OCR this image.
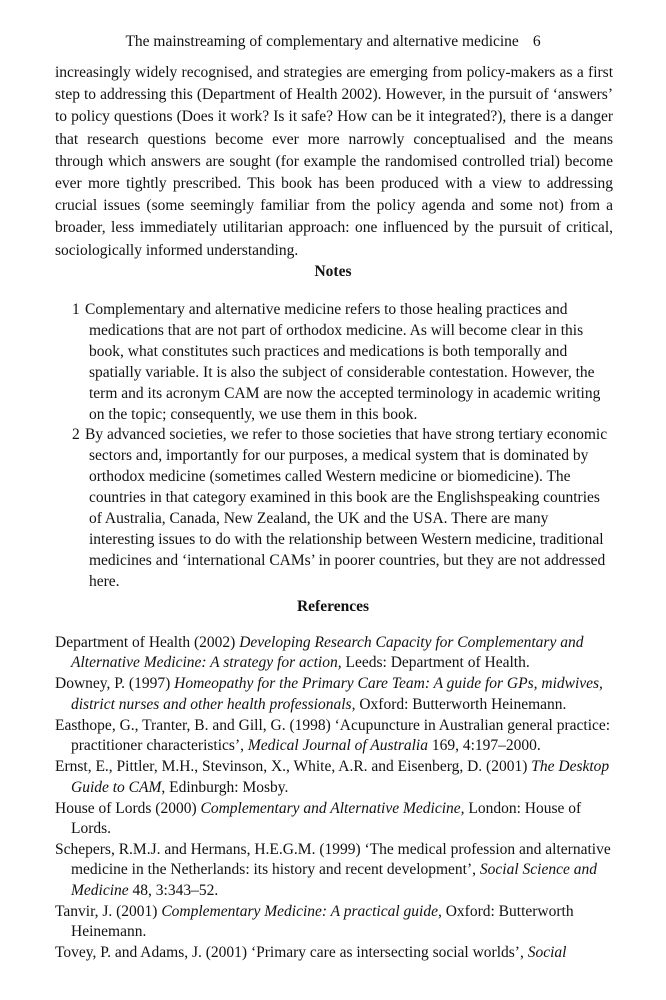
The mainstreaming of complementary and alternative medicine 6

increasingly widely recognised, and strategies are emerging from policy-makers as a first step to addressing this (Department of Health 2002). However, in the pursuit of ‘answers’ to policy questions (Does it work? Is it safe? How can be it integrated?), there is a danger that research questions become ever more narrowly conceptualised and the means through which answers are sought (for example the randomised controlled trial) become ever more tightly prescribed. This book has been produced with a view to addressing crucial issues (some seemingly familiar from the policy agenda and some not) from a broader, less immediately utilitarian approach: one influenced by the pursuit of critical, sociologically informed understanding.

Notes
1 Complementary and alternative medicine refers to those healing practices and medications that are not part of orthodox medicine. As will become clear in this book, what constitutes such practices and medications is both temporally and spatially variable. It is also the subject of considerable contestation. However, the term and its acronym CAM are now the accepted terminology in academic writing on the topic; consequently, we use them in this book.
2 By advanced societies, we refer to those societies that have strong tertiary economic sectors and, importantly for our purposes, a medical system that is dominated by orthodox medicine (sometimes called Western medicine or biomedicine). The countries in that category examined in this book are the Englishspeaking countries of Australia, Canada, New Zealand, the UK and the USA. There are many interesting issues to do with the relationship between Western medicine, traditional medicines and ‘international CAMs’ in poorer countries, but they are not addressed here.
References
Department of Health (2002) Developing Research Capacity for Complementary and Alternative Medicine: A strategy for action, Leeds: Department of Health.
Downey, P. (1997) Homeopathy for the Primary Care Team: A guide for GPs, midwives, district nurses and other health professionals, Oxford: Butterworth Heinemann.
Easthope, G., Tranter, B. and Gill, G. (1998) ‘Acupuncture in Australian general practice: practitioner characteristics’, Medical Journal of Australia 169, 4:197–2000.
Ernst, E., Pittler, M.H., Stevinson, X., White, A.R. and Eisenberg, D. (2001) The Desktop Guide to CAM, Edinburgh: Mosby.
House of Lords (2000) Complementary and Alternative Medicine, London: House of Lords.
Schepers, R.M.J. and Hermans, H.E.G.M. (1999) ‘The medical profession and alternative medicine in the Netherlands: its history and recent development’, Social Science and Medicine 48, 3:343–52.
Tanvir, J. (2001) Complementary Medicine: A practical guide, Oxford: Butterworth Heinemann.
Tovey, P. and Adams, J. (2001) ‘Primary care as intersecting social worlds’, Social
